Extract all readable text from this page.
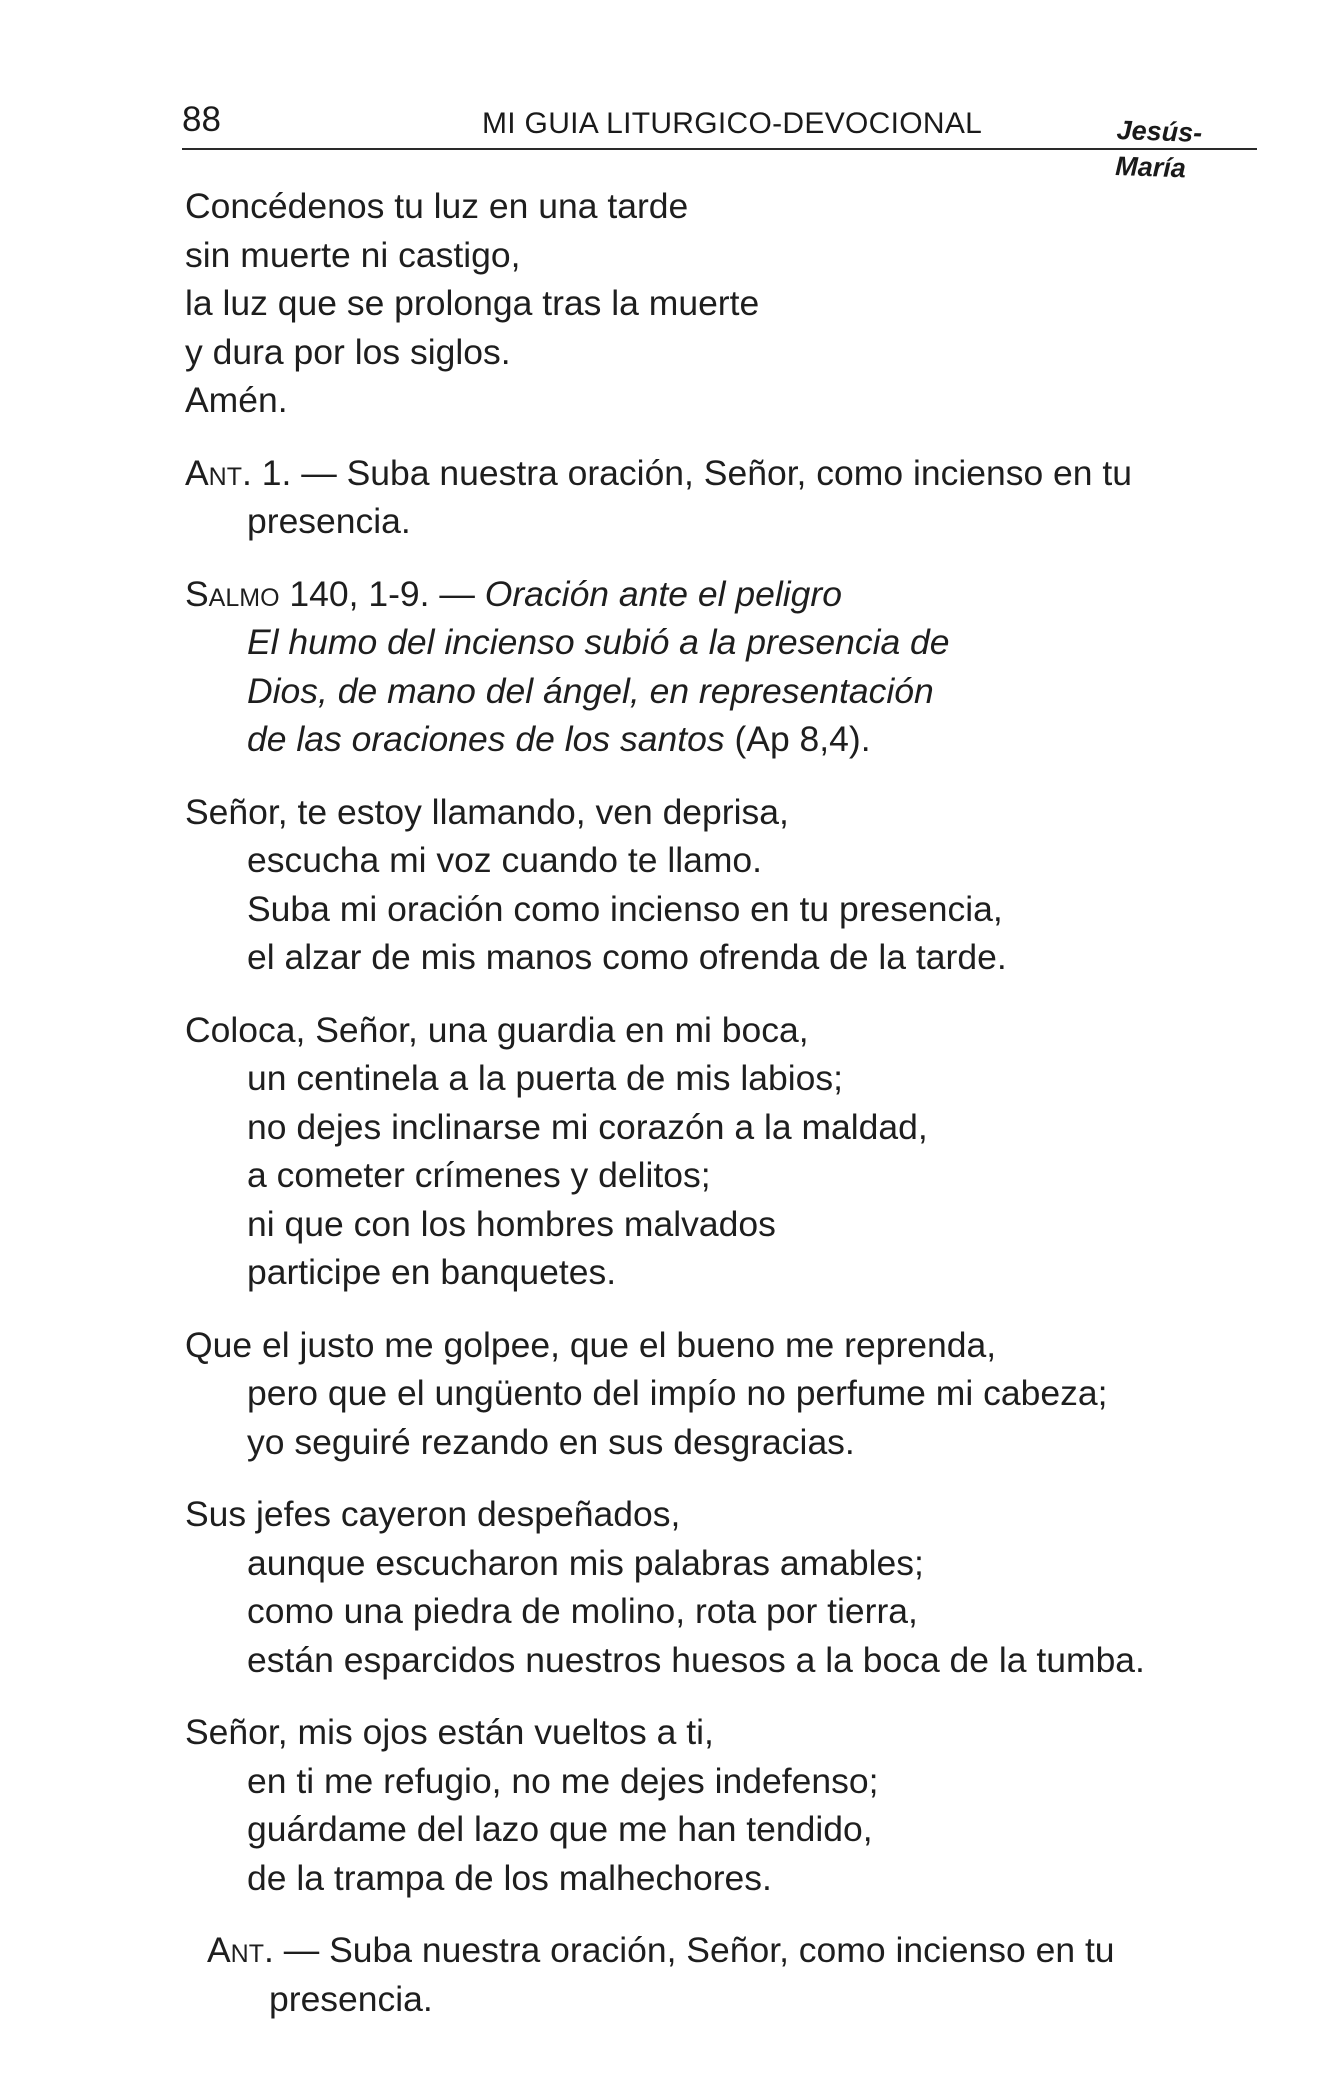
88	MI GUIA LITURGICO-DEVOCIONAL	Jesús-María

Concédenos tu luz en una tarde

sin muerte ni castigo,

la luz que se prolonga tras la muerte

y dura por los siglos.

Amén.

Ant. 1. — Suba nuestra oración, Señor, como incienso en tu

presencia.

Salmo 140, 1-9. — Oración ante el peligro

El humo del incienso subió a la presencia de

Dios, de mano del ángel, en representación

de las oraciones de los santos (Ap 8,4).

Señor, te estoy llamando, ven deprisa,

escucha mi voz cuando te llamo.

Suba mi oración como incienso en tu presencia,

el alzar de mis manos como ofrenda de la tarde.

Coloca, Señor, una guardia en mi boca,

un centinela a la puerta de mis labios;

no dejes inclinarse mi corazón a la maldad,

a cometer crímenes y delitos;

ni que con los hombres malvados

participe en banquetes.

Que el justo me golpee, que el bueno me reprenda,

pero que el ungüento del impío no perfume mi cabeza;

yo seguiré rezando en sus desgracias.

Sus jefes cayeron despeñados,

aunque escucharon mis palabras amables;

como una piedra de molino, rota por tierra,

están esparcidos nuestros huesos a la boca de la tumba.

Señor, mis ojos están vueltos a ti,

en ti me refugio, no me dejes indefenso;

guárdame del lazo que me han tendido,

de la trampa de los malhechores.

Ant. — Suba nuestra oración, Señor, como incienso en tu

presencia.
